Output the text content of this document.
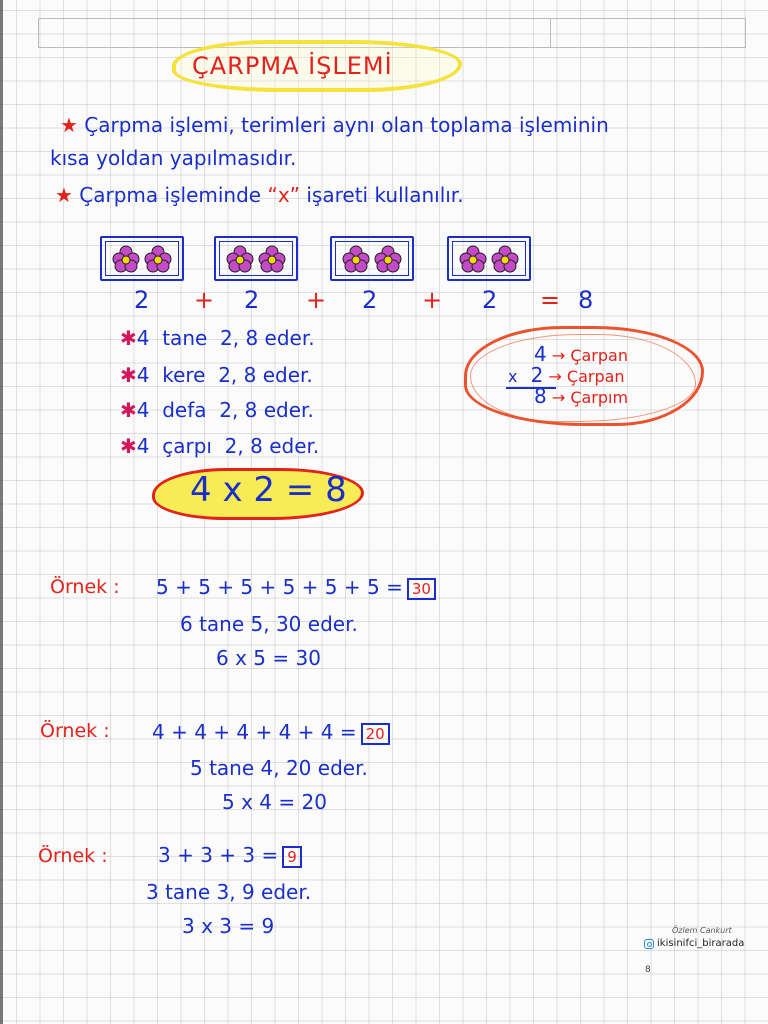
ÇARPMA İŞLEMİ
★ Çarpma işlemi, terimleri aynı olan toplama işleminin
kısa yoldan yapılmasıdır.
★ Çarpma işleminde “x” işareti kullanılır.
2 + 2 + 2 + 2 = 8
✱4 tane 2, 8 eder.
✱4 kere 2, 8 eder.
✱4 defa 2, 8 eder.
✱4 çarpı 2, 8 eder.
4 → Çarpan
x 2 → Çarpan
8 → Çarpım
4 x 2 = 8
Örnek : 5 + 5 + 5 + 5 + 5 + 5 = 30
6 tane 5, 30 eder.
6 x 5 = 30
Örnek : 4 + 4 + 4 + 4 + 4 = 20
5 tane 4, 20 eder.
5 x 4 = 20
Örnek :	3 + 3 + 3 = 9
3 tane 3, 9 eder.
3 x 3 = 9	Özlem Cankurt
ikisinifci_birarada
8
